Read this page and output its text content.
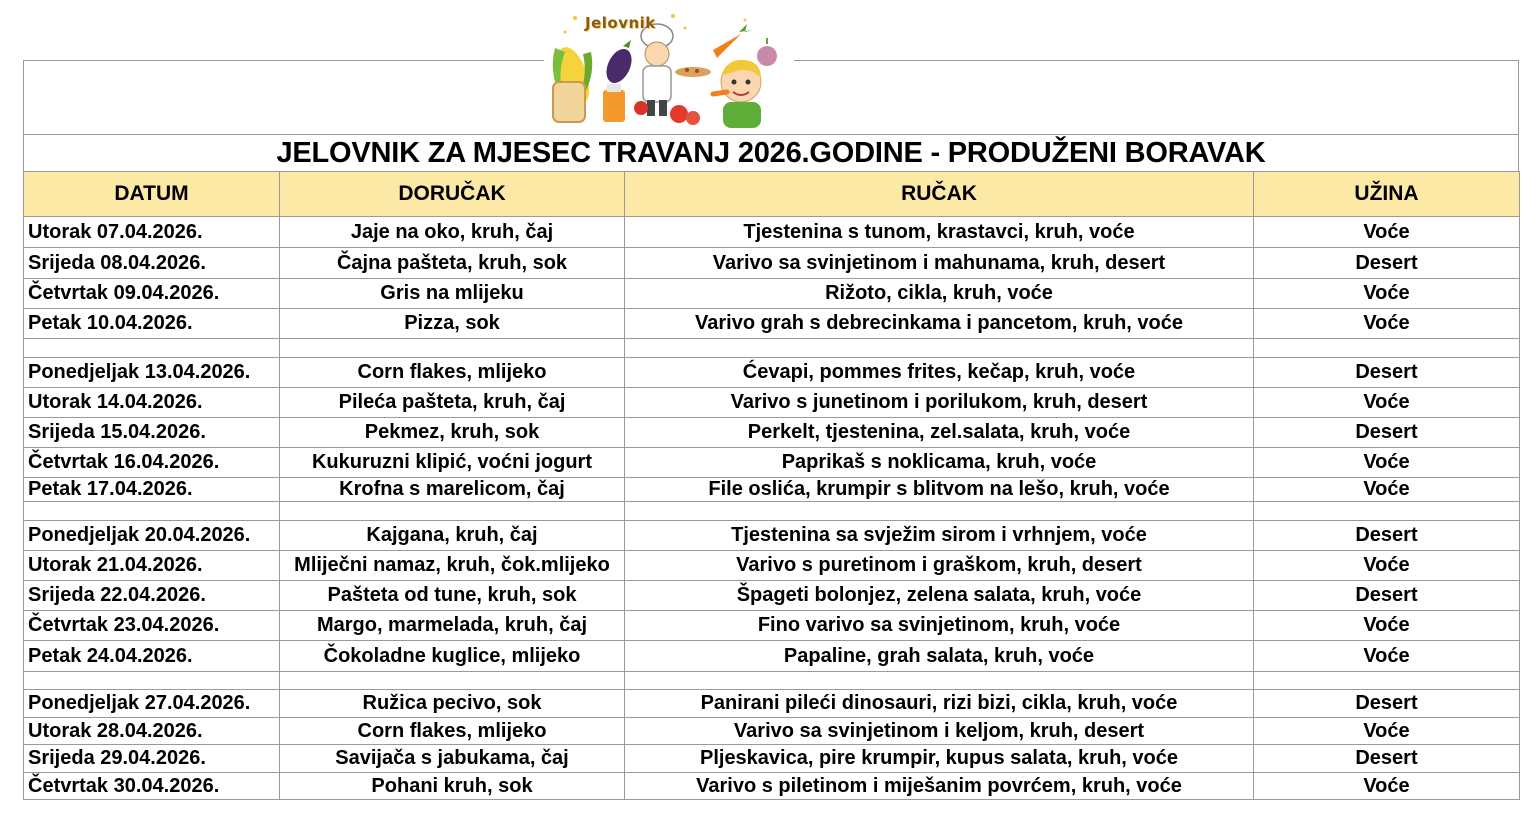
Jelovnik
JELOVNIK ZA MJESEC TRAVANJ 2026.GODINE - PRODUŽENI BORAVAK
DATUM	DORUČAK	RUČAK	UŽINA
Utorak 07.04.2026.	Jaje na oko, kruh, čaj	Tjestenina s tunom, krastavci, kruh, voće	Voće
Srijeda 08.04.2026.	Čajna pašteta, kruh, sok	Varivo sa svinjetinom i mahunama, kruh, desert	Desert
Četvrtak 09.04.2026.	Gris na mlijeku	Rižoto, cikla, kruh, voće	Voće
Petak 10.04.2026.	Pizza, sok	Varivo grah s debrecinkama i pancetom, kruh, voće	Voće

Ponedjeljak 13.04.2026.	Corn flakes, mlijeko	Ćevapi, pommes frites, kečap, kruh, voće	Desert
Utorak 14.04.2026.	Pileća pašteta, kruh, čaj	Varivo s junetinom i porilukom, kruh, desert	Voće
Srijeda 15.04.2026.	Pekmez, kruh, sok	Perkelt, tjestenina, zel.salata, kruh, voće	Desert
Četvrtak 16.04.2026.	Kukuruzni klipić, voćni jogurt	Paprikaš s noklicama, kruh, voće	Voće
Petak 17.04.2026.	Krofna s marelicom, čaj	File oslića, krumpir s blitvom na lešo, kruh, voće	Voće

Ponedjeljak 20.04.2026.	Kajgana, kruh, čaj	Tjestenina sa svježim sirom i vrhnjem, voće	Desert
Utorak 21.04.2026.	Mliječni namaz, kruh, čok.mlijeko	Varivo s puretinom i graškom, kruh, desert	Voće
Srijeda 22.04.2026.	Pašteta od tune, kruh, sok	Špageti bolonjez, zelena salata, kruh, voće	Desert
Četvrtak 23.04.2026.	Margo, marmelada, kruh, čaj	Fino varivo sa svinjetinom, kruh, voće	Voće
Petak 24.04.2026.	Čokoladne kuglice, mlijeko	Papaline, grah salata, kruh, voće	Voće

Ponedjeljak 27.04.2026.	Ružica pecivo, sok	Panirani pileći dinosauri, rizi bizi, cikla, kruh, voće	Desert
Utorak 28.04.2026.	Corn flakes, mlijeko	Varivo sa svinjetinom i keljom, kruh, desert	Voće
Srijeda 29.04.2026.	Savijača s jabukama, čaj	Pljeskavica, pire krumpir, kupus salata, kruh, voće	Desert
Četvrtak 30.04.2026.	Pohani kruh, sok	Varivo s piletinom i miješanim povrćem, kruh, voće	Voće
